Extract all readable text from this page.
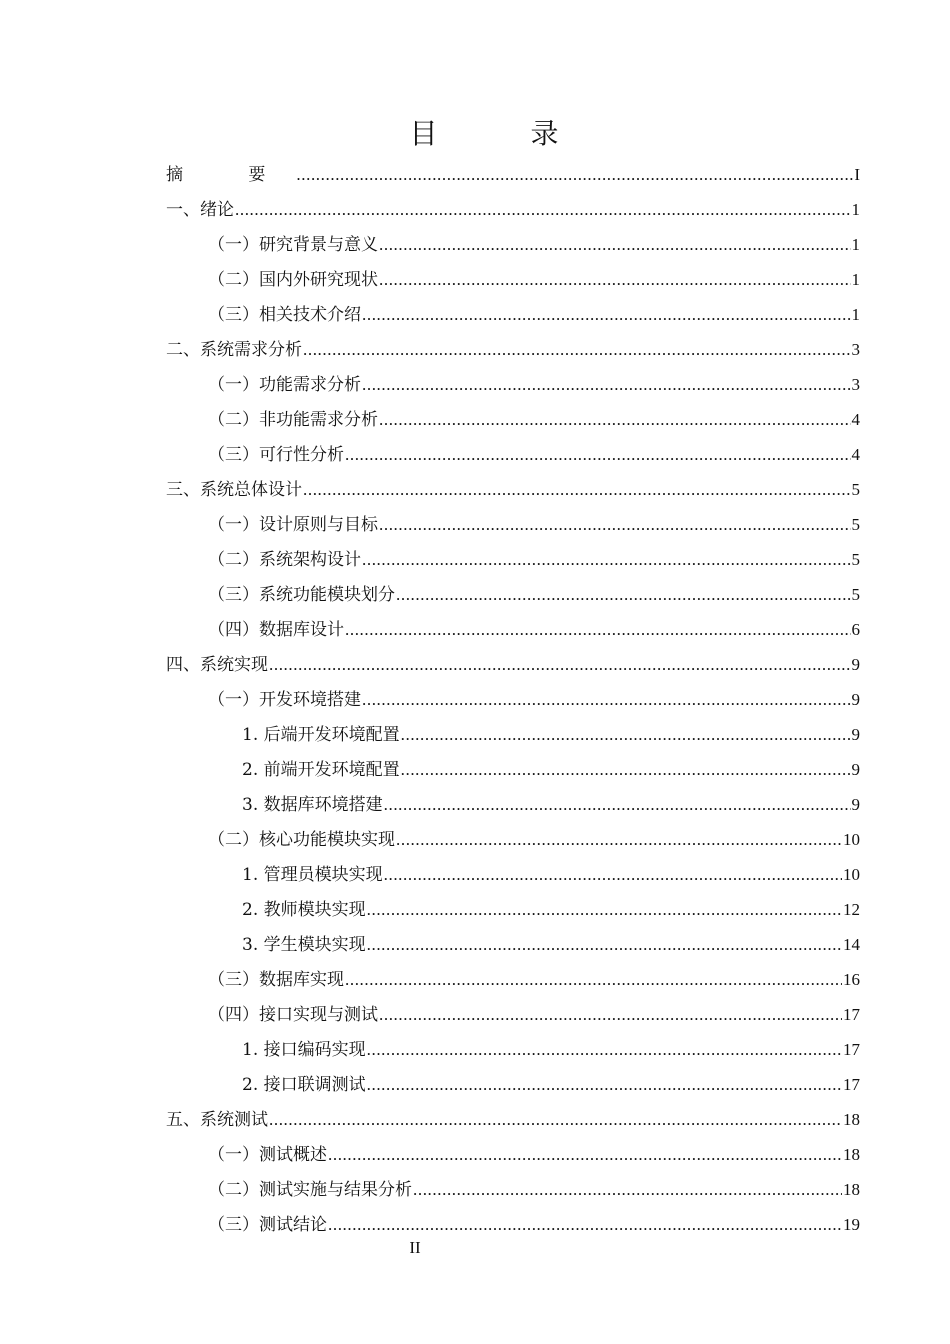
目 录
摘 要 .....	I
一、绪论 .....	1
（一）研究背景与意义 .....	1
（二）国内外研究现状 .....	1
（三）相关技术介绍 .....	1
二、系统需求分析 .....	3
（一）功能需求分析 .....	3
（二）非功能需求分析 .....	4
（三）可行性分析 .....	4
三、系统总体设计 .....	5
（一）设计原则与目标 .....	5
（二）系统架构设计 .....	5
（三）系统功能模块划分 .....	5
（四）数据库设计 .....	6
四、系统实现 .....	9
（一）开发环境搭建 .....	9
1. 后端开发环境配置 .....	9
2. 前端开发环境配置 .....	9
3. 数据库环境搭建 .....	9
（二）核心功能模块实现 .....	10
1. 管理员模块实现 .....	10
2. 教师模块实现 .....	12
3. 学生模块实现 .....	14
（三）数据库实现 .....	16
（四）接口实现与测试 .....	17
1. 接口编码实现 .....	17
2. 接口联调测试 .....	17
五、系统测试 .....	18
（一）测试概述 .....	18
（二）测试实施与结果分析 .....	18
（三）测试结论 .....	19
II
